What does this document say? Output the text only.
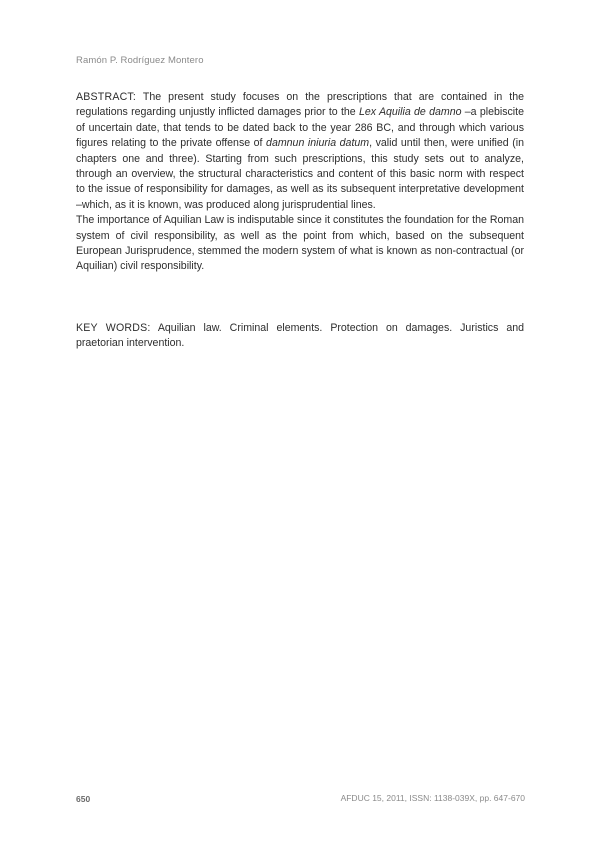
Ramón P. Rodríguez Montero

ABSTRACT: The present study focuses on the prescriptions that are contained in the regulations regarding unjustly inflicted damages prior to the Lex Aquilia de damno –a plebiscite of uncertain date, that tends to be dated back to the year 286 BC, and through which various figures relating to the private offense of damnun iniuria datum, valid until then, were unified (in chapters one and three). Starting from such prescriptions, this study sets out to analyze, through an overview, the structural characteristics and content of this basic norm with respect to the issue of responsibility for damages, as well as its subsequent interpretative development –which, as it is known, was produced along jurisprudential lines.

The importance of Aquilian Law is indisputable since it constitutes the foundation for the Roman system of civil responsibility, as well as the point from which, based on the subsequent European Jurisprudence, stemmed the modern system of what is known as non-contractual (or Aquilian) civil responsibility.

KEY WORDS: Aquilian law. Criminal elements. Protection on damages. Juristics and praetorian intervention.
650	AFDUC 15, 2011, ISSN: 1138-039X, pp. 647-670
